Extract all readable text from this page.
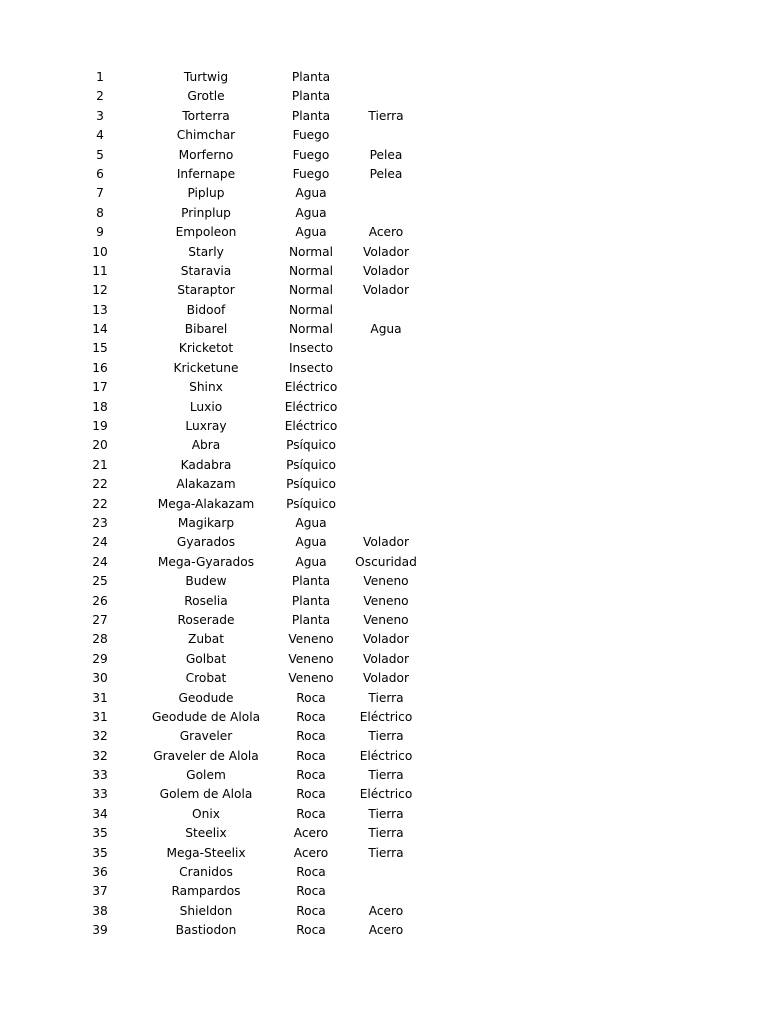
1	Turtwig	Planta
2	Grotle	Planta
3	Torterra	Planta	Tierra
4	Chimchar	Fuego
5	Morferno	Fuego	Pelea
6	Infernape	Fuego	Pelea
7	Piplup	Agua
8	Prinplup	Agua
9	Empoleon	Agua	Acero
10	Starly	Normal	Volador
11	Staravia	Normal	Volador
12	Staraptor	Normal	Volador
13	Bidoof	Normal
14	Bibarel	Normal	Agua
15	Kricketot	Insecto
16	Kricketune	Insecto
17	Shinx	Eléctrico
18	Luxio	Eléctrico
19	Luxray	Eléctrico
20	Abra	Psíquico
21	Kadabra	Psíquico
22	Alakazam	Psíquico
22	Mega-Alakazam	Psíquico
23	Magikarp	Agua
24	Gyarados	Agua	Volador
24	Mega-Gyarados	Agua	Oscuridad
25	Budew	Planta	Veneno
26	Roselia	Planta	Veneno
27	Roserade	Planta	Veneno
28	Zubat	Veneno	Volador
29	Golbat	Veneno	Volador
30	Crobat	Veneno	Volador
31	Geodude	Roca	Tierra
31	Geodude de Alola	Roca	Eléctrico
32	Graveler	Roca	Tierra
32	Graveler de Alola	Roca	Eléctrico
33	Golem	Roca	Tierra
33	Golem de Alola	Roca	Eléctrico
34	Onix	Roca	Tierra
35	Steelix	Acero	Tierra
35	Mega-Steelix	Acero	Tierra
36	Cranidos	Roca
37	Rampardos	Roca
38	Shieldon	Roca	Acero
39	Bastiodon	Roca	Acero
